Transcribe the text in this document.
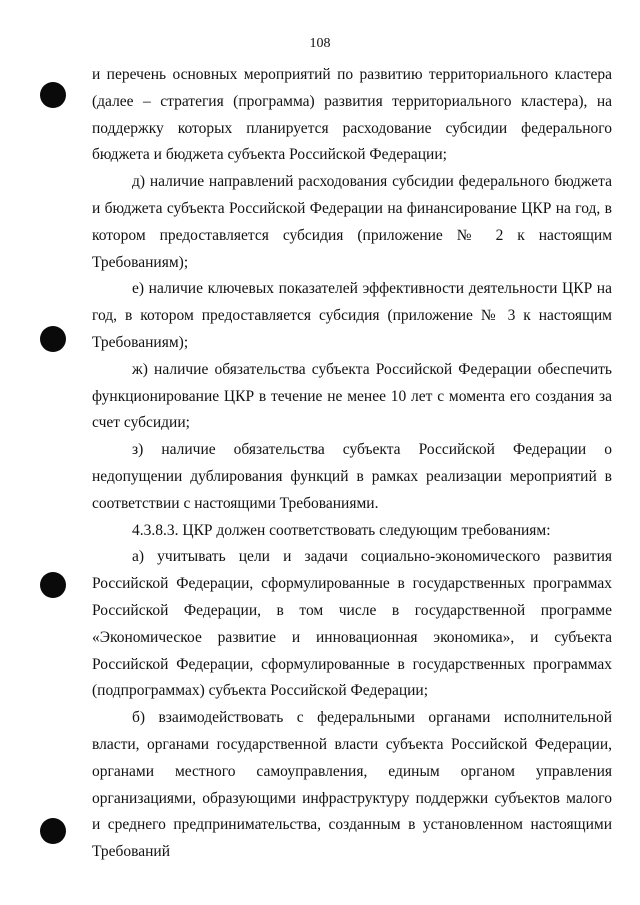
108

и перечень основных мероприятий по развитию территориального кластера (далее – стратегия (программа) развития территориального кластера), на поддержку которых планируется расходование субсидии федерального бюджета и бюджета субъекта Российской Федерации;

д) наличие направлений расходования субсидии федерального бюджета и бюджета субъекта Российской Федерации на финансирование ЦКР на год, в котором предоставляется субсидия (приложение № 2 к настоящим Требованиям);

е) наличие ключевых показателей эффективности деятельности ЦКР на год, в котором предоставляется субсидия (приложение № 3 к настоящим Требованиям);

ж) наличие обязательства субъекта Российской Федерации обеспечить функционирование ЦКР в течение не менее 10 лет с момента его создания за счет субсидии;

з) наличие обязательства субъекта Российской Федерации о недопущении дублирования функций в рамках реализации мероприятий в соответствии с настоящими Требованиями.

4.3.8.3. ЦКР должен соответствовать следующим требованиям:

а) учитывать цели и задачи социально-экономического развития Российской Федерации, сформулированные в государственных программах Российской Федерации, в том числе в государственной программе «Экономическое развитие и инновационная экономика», и субъекта Российской Федерации, сформулированные в государственных программах (подпрограммах) субъекта Российской Федерации;

б) взаимодействовать с федеральными органами исполнительной власти, органами государственной власти субъекта Российской Федерации, органами местного самоуправления, единым органом управления организациями, образующими инфраструктуру поддержки субъектов малого и среднего предпринимательства, созданным в установленном настоящими Требований
